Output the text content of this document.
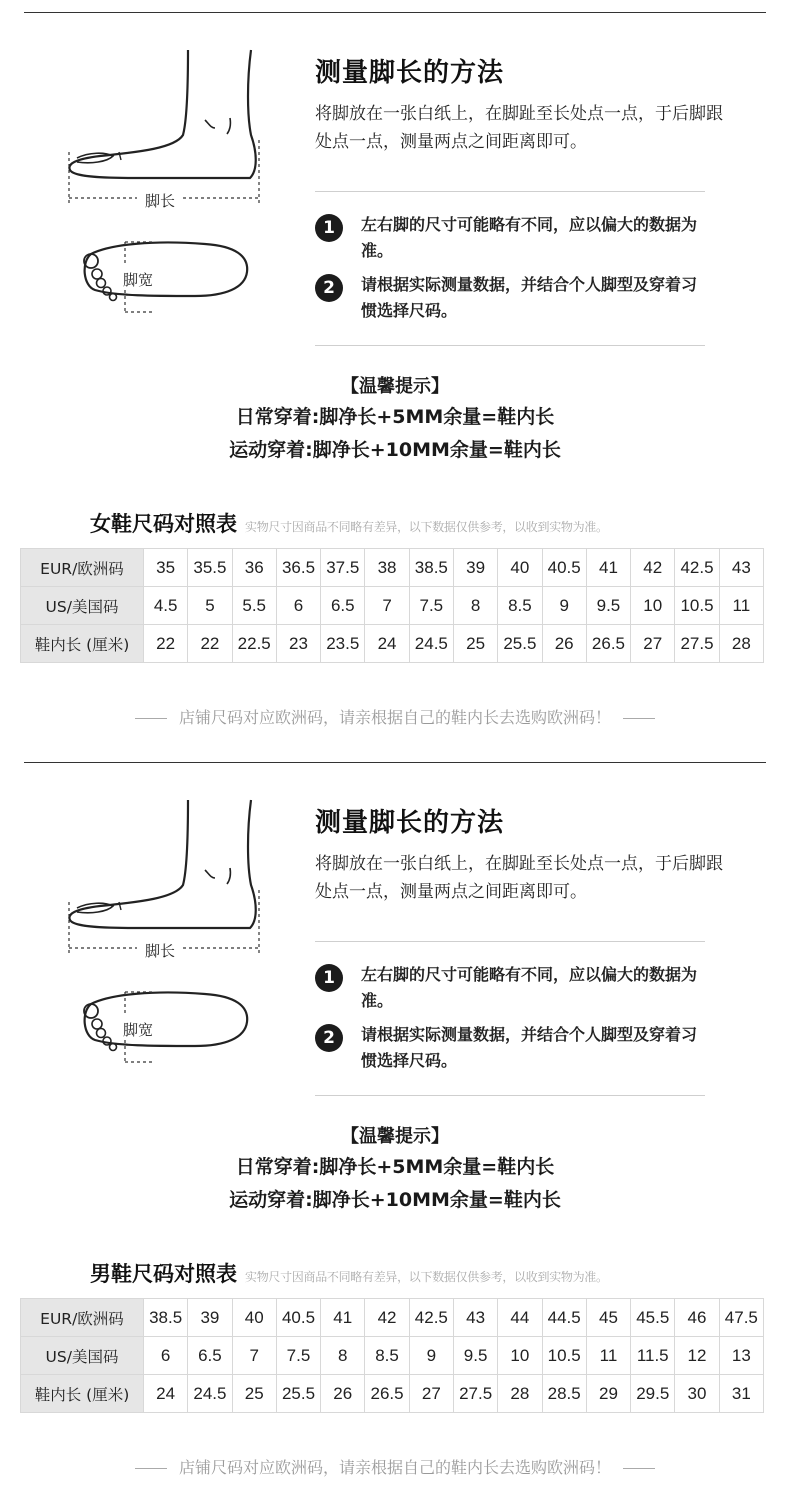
脚长
脚宽
测量脚长的方法
将脚放在一张白纸上，在脚趾至长处点一点，于后脚跟处点一点，测量两点之间距离即可。
1	左右脚的尺寸可能略有不同，应以偏大的数据为准。
2	请根据实际测量数据，并结合个人脚型及穿着习惯选择尺码。
【温馨提示】
日常穿着:脚净长+5MM余量=鞋内长
运动穿着:脚净长+10MM余量=鞋内长
女鞋尺码对照表 实物尺寸因商品不同略有差异，以下数据仅供参考，以收到实物为准。
EUR/欧洲码	35	35.5	36	36.5	37.5	38	38.5	39	40	40.5	41	42	42.5	43
US/美国码	4.5	5	5.5	6	6.5	7	7.5	8	8.5	9	9.5	10	10.5	11
鞋内长 (厘米)	22	22	22.5	23	23.5	24	24.5	25	25.5	26	26.5	27	27.5	28
店铺尺码对应欧洲码，请亲根据自己的鞋内长去选购欧洲码！
脚长
脚宽
测量脚长的方法
将脚放在一张白纸上，在脚趾至长处点一点，于后脚跟处点一点，测量两点之间距离即可。
1	左右脚的尺寸可能略有不同，应以偏大的数据为准。
2	请根据实际测量数据，并结合个人脚型及穿着习惯选择尺码。
【温馨提示】
日常穿着:脚净长+5MM余量=鞋内长
运动穿着:脚净长+10MM余量=鞋内长
男鞋尺码对照表 实物尺寸因商品不同略有差异，以下数据仅供参考，以收到实物为准。
EUR/欧洲码	38.5	39	40	40.5	41	42	42.5	43	44	44.5	45	45.5	46	47.5
US/美国码	6	6.5	7	7.5	8	8.5	9	9.5	10	10.5	11	11.5	12	13
鞋内长 (厘米)	24	24.5	25	25.5	26	26.5	27	27.5	28	28.5	29	29.5	30	31
店铺尺码对应欧洲码，请亲根据自己的鞋内长去选购欧洲码！
